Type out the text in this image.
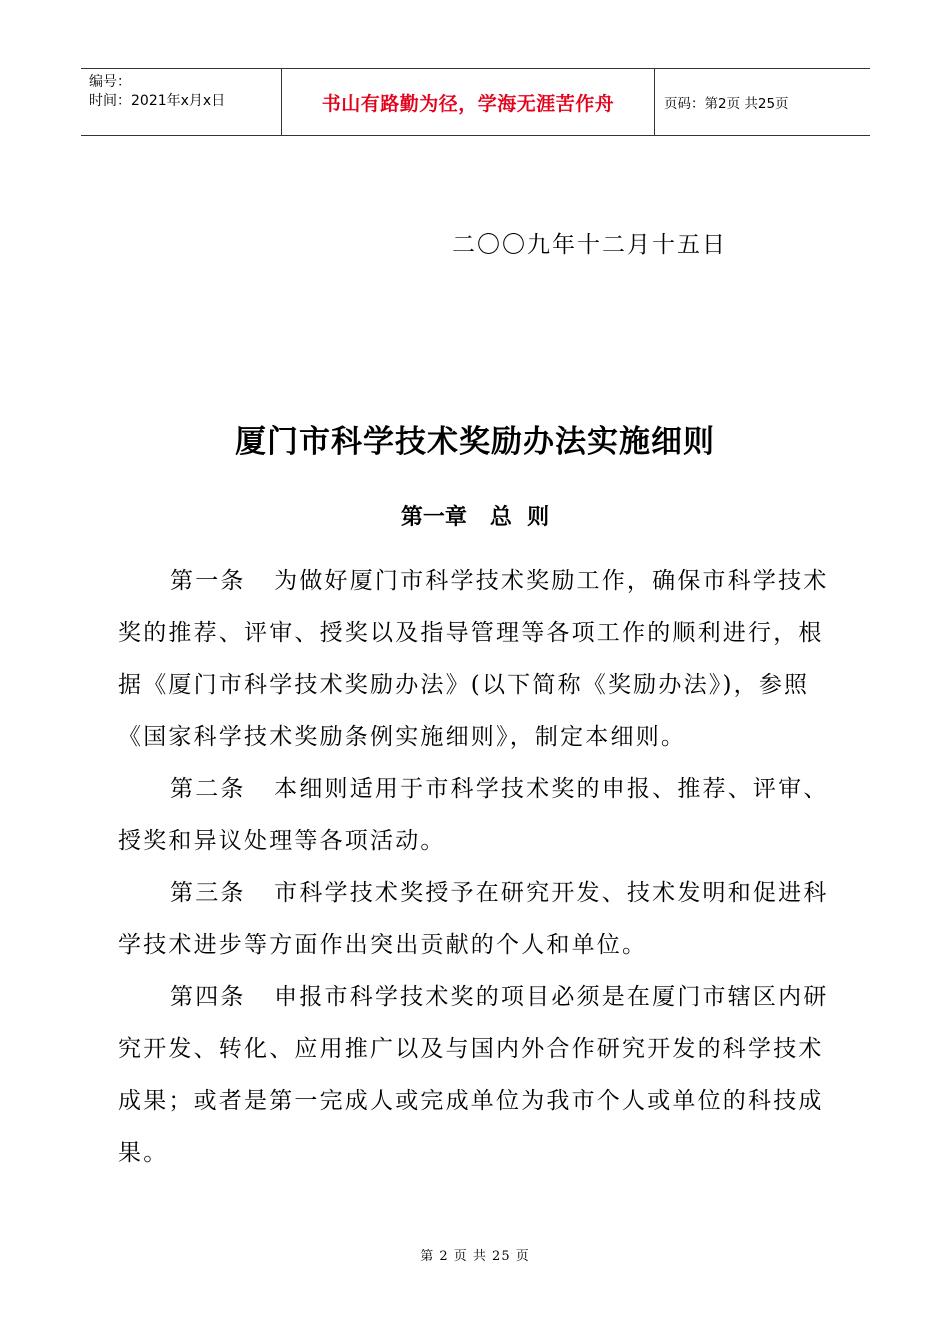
编号：
时间：2021年x月x日	书山有路勤为径，学海无涯苦作舟	页码：第2页 共25页
二〇〇九年十二月十五日
厦门市科学技术奖励办法实施细则
第一章   总  则

第一条   为做好厦门市科学技术奖励工作，确保市科学技术奖的推荐、评审、授奖以及指导管理等各项工作的顺利进行，根据《厦门市科学技术奖励办法》(以下简称《奖励办法》)，参照《国家科学技术奖励条例实施细则》，制定本细则。

第二条   本细则适用于市科学技术奖的申报、推荐、评审、授奖和异议处理等各项活动。

第三条   市科学技术奖授予在研究开发、技术发明和促进科学技术进步等方面作出突出贡献的个人和单位。

第四条   申报市科学技术奖的项目必须是在厦门市辖区内研究开发、转化、应用推广以及与国内外合作研究开发的科学技术成果；或者是第一完成人或完成单位为我市个人或单位的科技成果。

第 2 页 共 25 页
